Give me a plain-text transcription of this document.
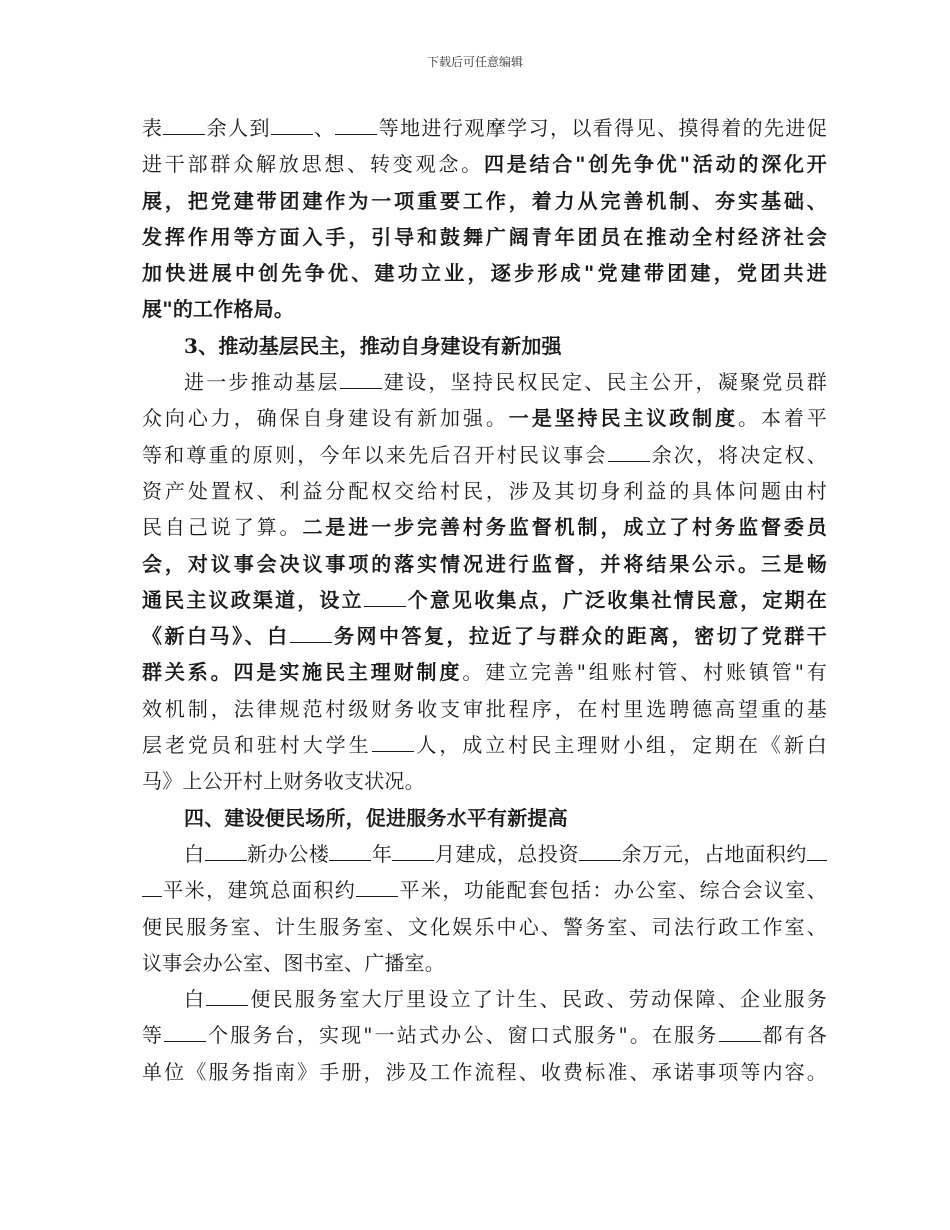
下载后可任意编辑
表 余人到 、 等地进行观摩学习，以看得见、摸得着的先进促
进干部群众解放思想、转变观念。四是结合"创先争优"活动的深化开
展，把党建带团建作为一项重要工作，着力从完善机制、夯实基础、
发挥作用等方面入手，引导和鼓舞广阔青年团员在推动全村经济社会
加快进展中创先争优、建功立业，逐步形成"党建带团建，党团共进
展"的工作格局。
3、推动基层民主，推动自身建设有新加强
进一步推动基层 建设，坚持民权民定、民主公开，凝聚党员群
众向心力，确保自身建设有新加强。一是坚持民主议政制度。本着平
等和尊重的原则，今年以来先后召开村民议事会 余次，将决定权、
资产处置权、利益分配权交给村民，涉及其切身利益的具体问题由村
民自己说了算。二是进一步完善村务监督机制，成立了村务监督委员
会，对议事会决议事项的落实情况进行监督，并将结果公示。三是畅
通民主议政渠道，设立 个意见收集点，广泛收集社情民意，定期在
《新白马》、白 务网中答复，拉近了与群众的距离，密切了党群干
群关系。四是实施民主理财制度。建立完善"组账村管、村账镇管"有
效机制，法律规范村级财务收支审批程序，在村里选聘德高望重的基
层老党员和驻村大学生 人，成立村民主理财小组，定期在《新白
马》上公开村上财务收支状况。
四、建设便民场所，促进服务水平有新提高
白 新办公楼 年 月建成，总投资 余万元，占地面积约
平米，建筑总面积约 平米，功能配套包括：办公室、综合会议室、
便民服务室、计生服务室、文化娱乐中心、警务室、司法行政工作室、
议事会办公室、图书室、广播室。
白 便民服务室大厅里设立了计生、民政、劳动保障、企业服务
等 个服务台，实现"一站式办公、窗口式服务"。在服务 都有各
单位《服务指南》手册，涉及工作流程、收费标准、承诺事项等内容。
